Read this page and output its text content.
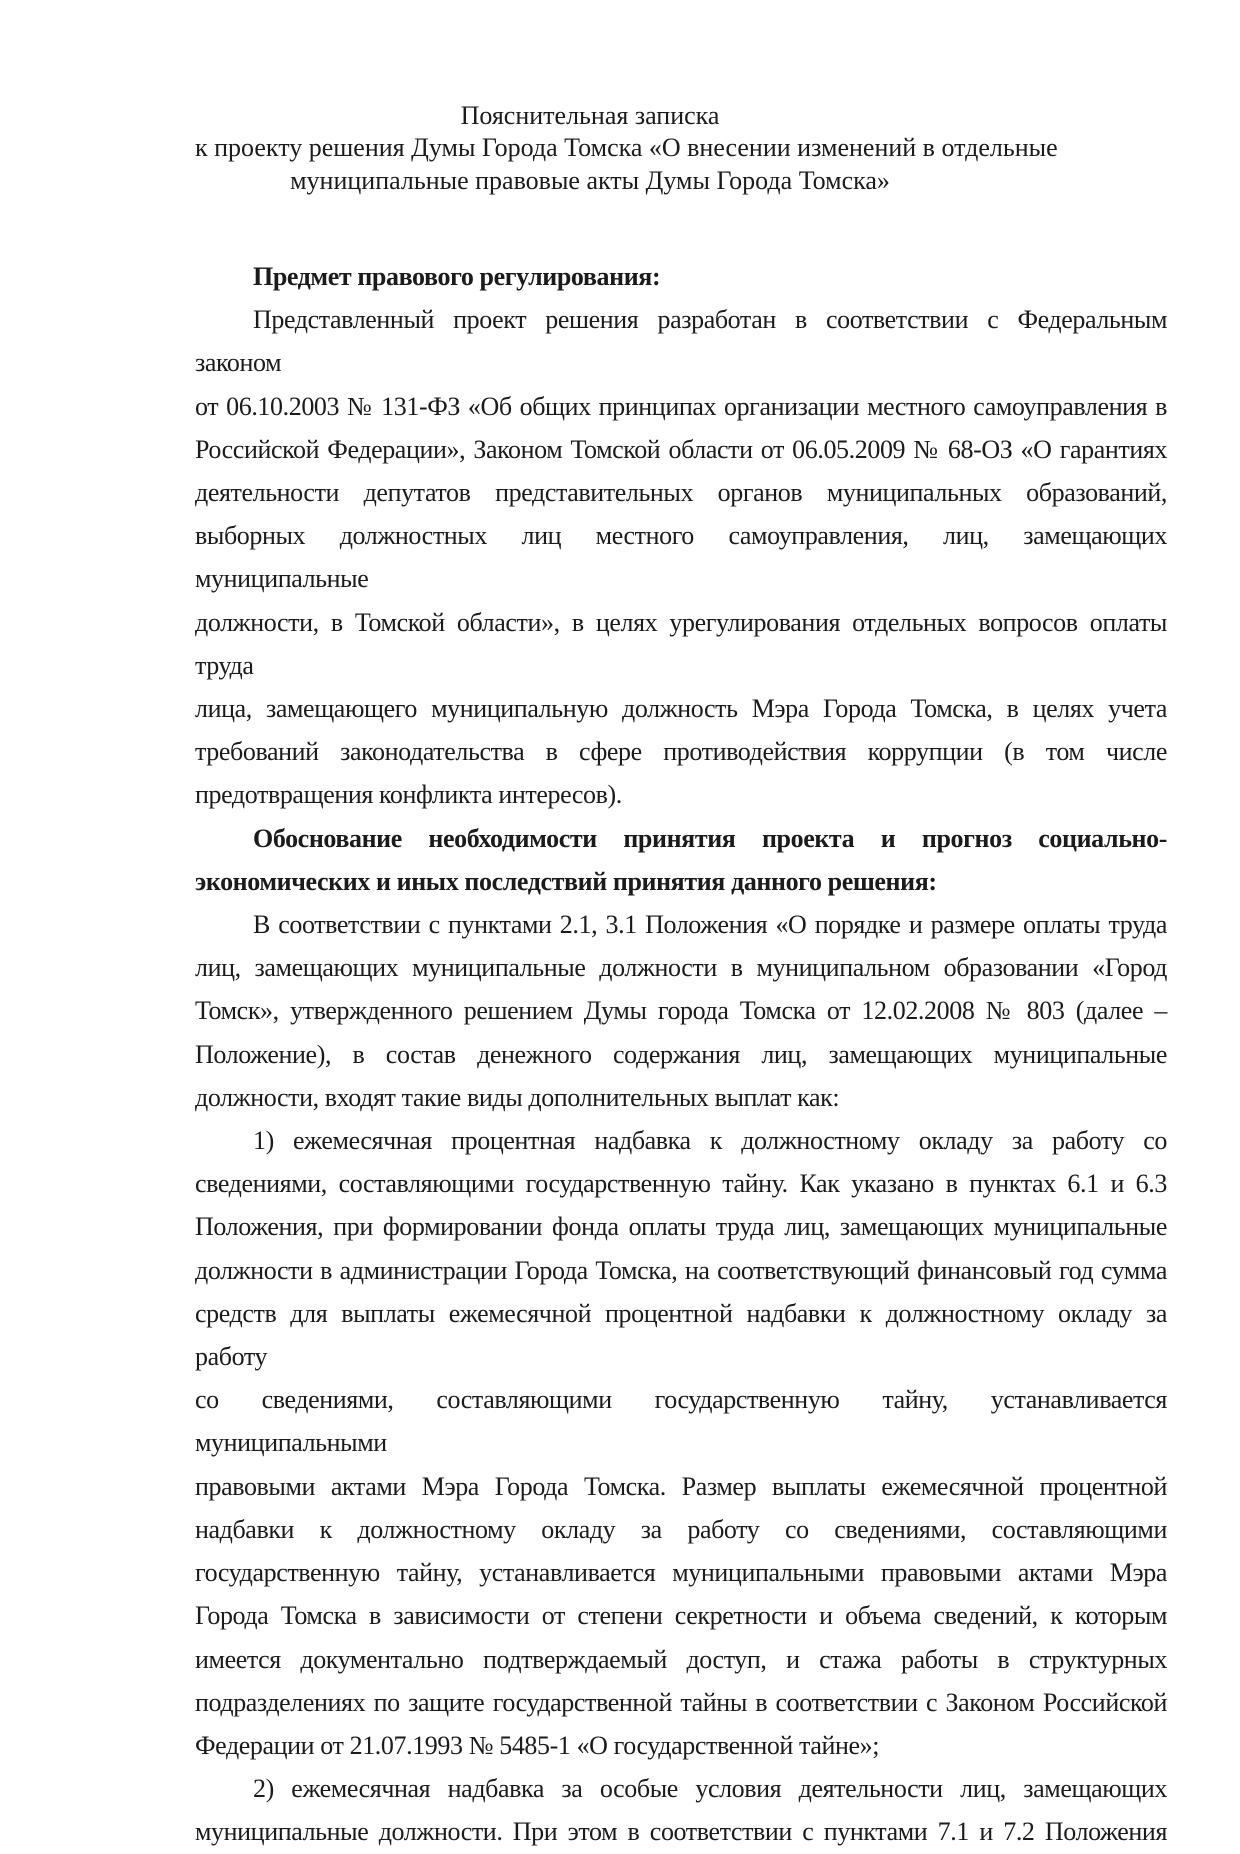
Пояснительная записка
к проекту решения Думы Города Томска «О внесении изменений в отдельные
муниципальные правовые акты Думы Города Томска»
Предмет правового регулирования:
Представленный проект решения разработан в соответствии с Федеральным законом
от 06.10.2003 № 131-ФЗ «Об общих принципах организации местного самоуправления в
Российской Федерации», Законом Томской области от 06.05.2009 № 68-ОЗ «О гарантиях
деятельности депутатов представительных органов муниципальных образований,
выборных должностных лиц местного самоуправления, лиц, замещающих муниципальные
должности, в Томской области», в целях урегулирования отдельных вопросов оплаты труда
лица, замещающего муниципальную должность Мэра Города Томска, в целях учета
требований законодательства в сфере противодействия коррупции (в том числе
предотвращения конфликта интересов).
Обоснование необходимости принятия проекта и прогноз социально-
экономических и иных последствий принятия данного решения:
В соответствии с пунктами 2.1, 3.1 Положения «О порядке и размере оплаты труда
лиц, замещающих муниципальные должности в муниципальном образовании «Город
Томск», утвержденного решением Думы города Томска от 12.02.2008 № 803 (далее –
Положение), в состав денежного содержания лиц, замещающих муниципальные
должности, входят такие виды дополнительных выплат как:
1) ежемесячная процентная надбавка к должностному окладу за работу со
сведениями, составляющими государственную тайну. Как указано в пунктах 6.1 и 6.3
Положения, при формировании фонда оплаты труда лиц, замещающих муниципальные
должности в администрации Города Томска, на соответствующий финансовый год сумма
средств для выплаты ежемесячной процентной надбавки к должностному окладу за работу
со сведениями, составляющими государственную тайну, устанавливается муниципальными
правовыми актами Мэра Города Томска. Размер выплаты ежемесячной процентной
надбавки к должностному окладу за работу со сведениями, составляющими
государственную тайну, устанавливается муниципальными правовыми актами Мэра
Города Томска в зависимости от степени секретности и объема сведений, к которым
имеется документально подтверждаемый доступ, и стажа работы в структурных
подразделениях по защите государственной тайны в соответствии с Законом Российской
Федерации от 21.07.1993 № 5485-1 «О государственной тайне»;
2) ежемесячная надбавка за особые условия деятельности лиц, замещающих
муниципальные должности. При этом в соответствии с пунктами 7.1 и 7.2 Положения
